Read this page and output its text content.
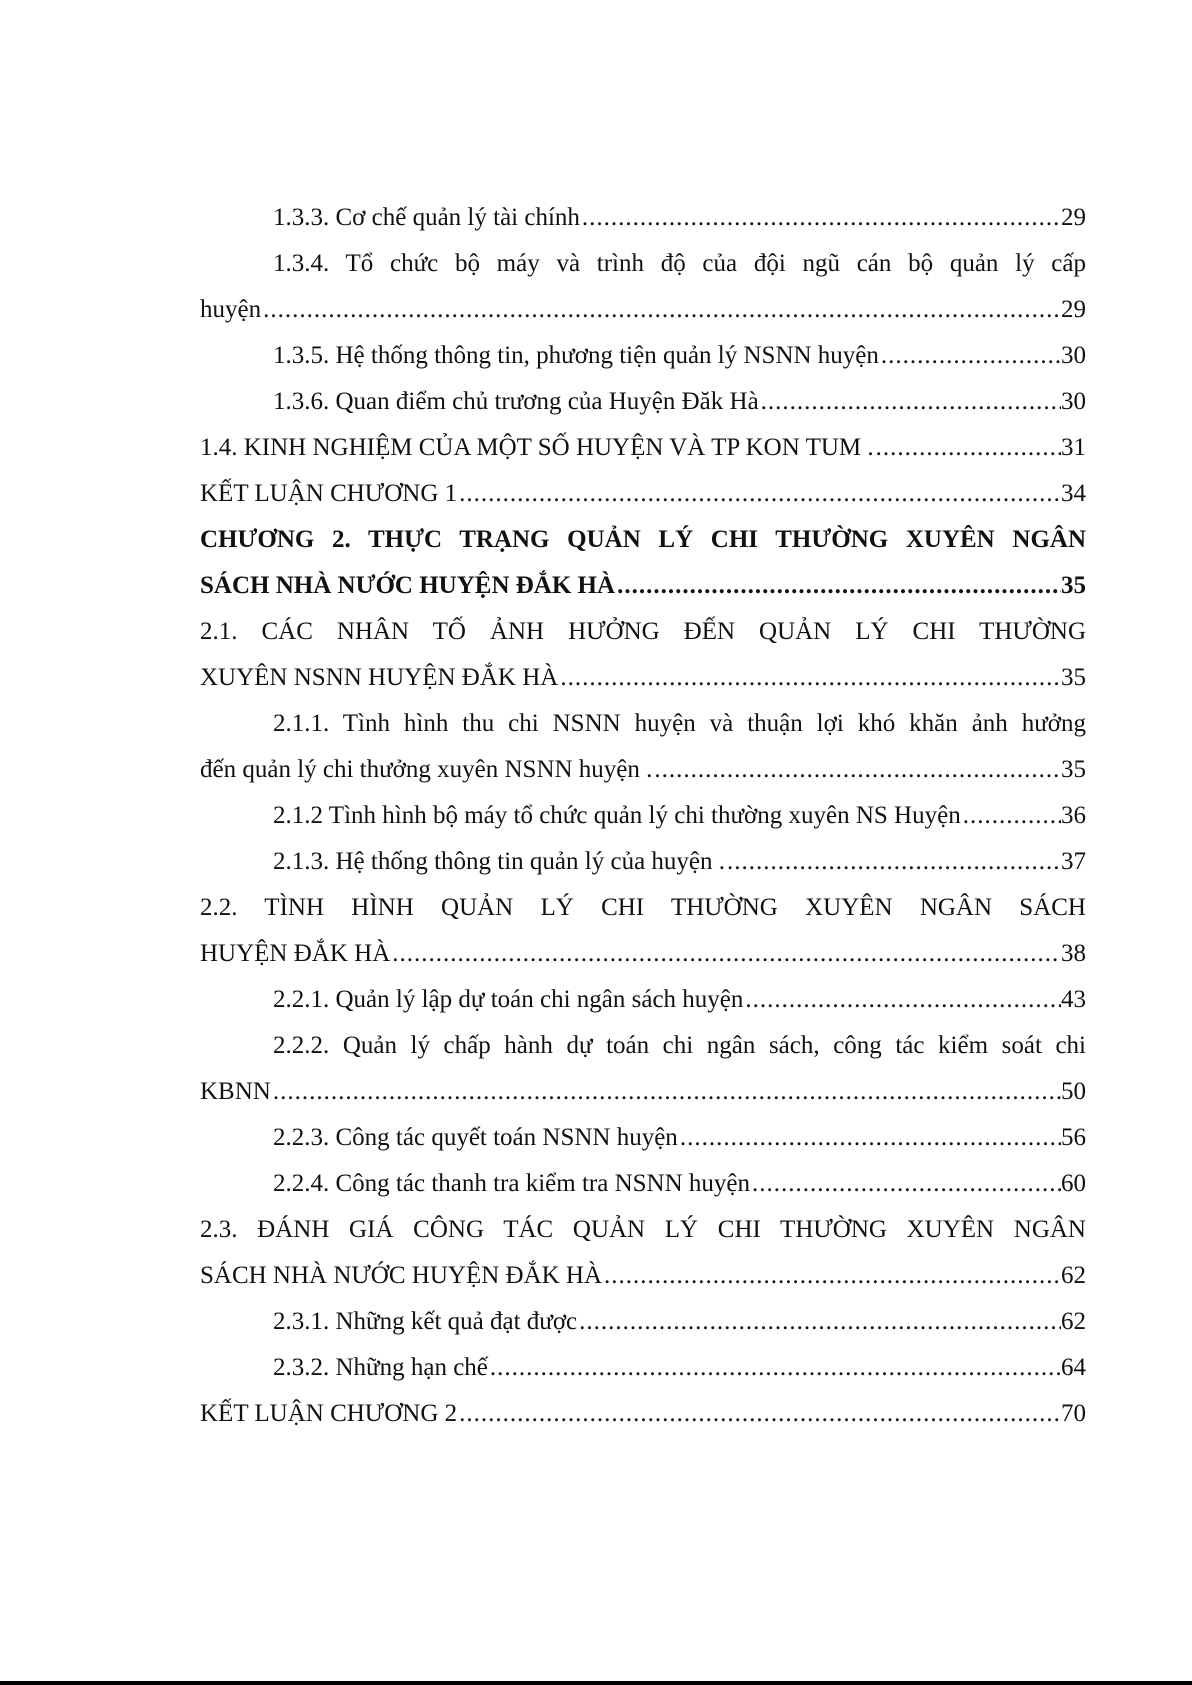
1.3.3. Cơ chế quản lý tài chính .....	29
1.3.4. Tổ chức bộ máy và trình độ của đội ngũ cán bộ quản lý cấp
huyện .....	29
1.3.5. Hệ thống thông tin, phương tiện quản lý NSNN huyện .....	30
1.3.6. Quan điểm chủ trương của Huyện Đăk Hà .....	30
1.4. KINH NGHIỆM CỦA MỘT SỐ HUYỆN VÀ TP KON TUM . .....	31
KẾT LUẬN CHƯƠNG 1 .....	34
CHƯƠNG 2. THỰC TRẠNG QUẢN LÝ CHI THƯỜNG XUYÊN NGÂN
SÁCH NHÀ NƯỚC HUYỆN ĐẮK HÀ .....	35
2.1. CÁC NHÂN TỐ ẢNH HƯỞNG ĐẾN QUẢN LÝ CHI THƯỜNG
XUYÊN NSNN HUYỆN ĐẮK HÀ .....	35
2.1.1. Tình hình thu chi NSNN huyện và thuận lợi khó khăn ảnh hưởng
đến quản lý chi thưởng xuyên NSNN huyện . .....	35
2.1.2 Tình hình bộ máy tổ chức quản lý chi thường xuyên NS Huyện .....	36
2.1.3. Hệ thống thông tin quản lý của huyện . .....	37
2.2. TÌNH HÌNH QUẢN LÝ CHI THƯỜNG XUYÊN NGÂN SÁCH
HUYỆN ĐẮK HÀ .....	38
2.2.1. Quản lý lập dự toán chi ngân sách huyện .....	43
2.2.2. Quản lý chấp hành dự toán chi ngân sách, công tác kiểm soát chi
KBNN .....	50
2.2.3. Công tác quyết toán NSNN huyện .....	56
2.2.4. Công tác thanh tra kiểm tra NSNN huyện .....	60
2.3. ĐÁNH GIÁ CÔNG TÁC QUẢN LÝ CHI THƯỜNG XUYÊN NGÂN
SÁCH NHÀ NƯỚC HUYỆN ĐẮK HÀ .....	62
2.3.1. Những kết quả đạt được .....	62
2.3.2. Những hạn chế .....	64
KẾT LUẬN CHƯƠNG 2 .....	70
